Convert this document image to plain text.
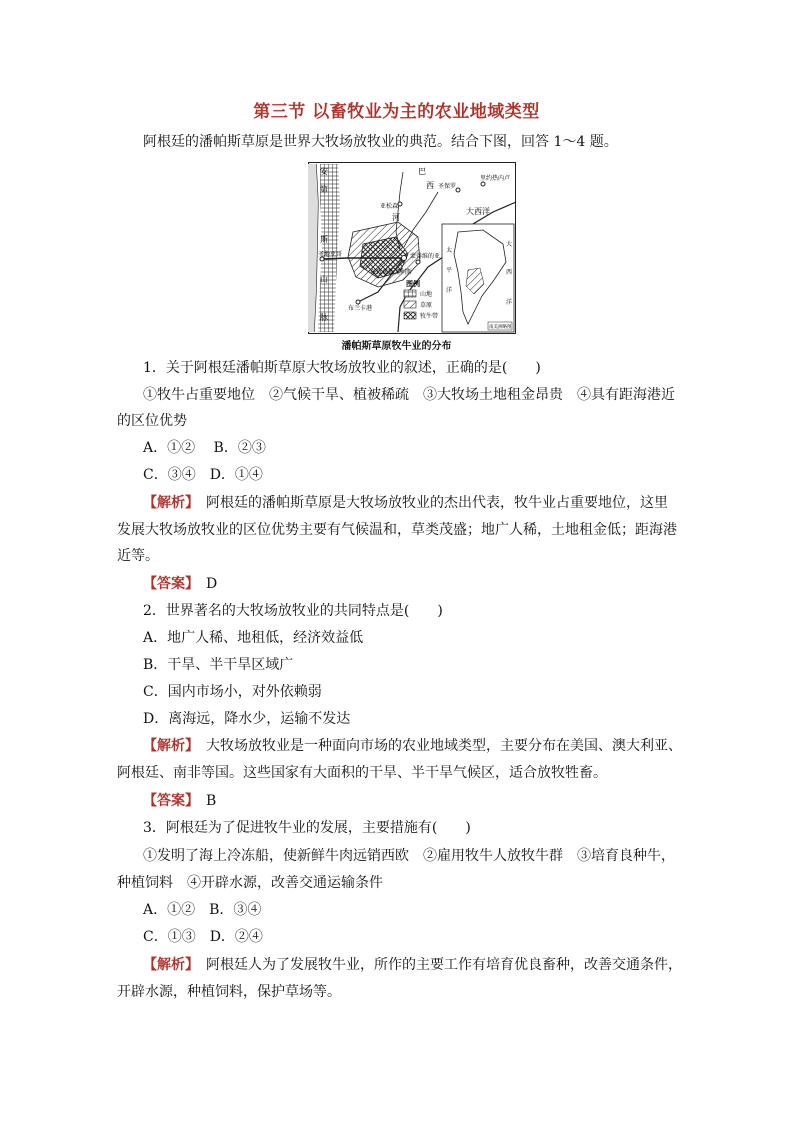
第三节 以畜牧业为主的农业地域类型
阿根廷的潘帕斯草原是世界大牧场放牧业的典范。结合下图，回答 1～4 题。
安
第
斯
山
脉
巴
西
河
圣保罗
亚松森
里约热内卢
大西洋
圣地亚哥
布宜诺斯艾利斯
蒙得维的亚
布兰卡港
图例
山地
草原
牧牛带
太
平
洋
大
西
洋
南美洲略图
潘帕斯草原牧牛业的分布
1．关于阿根廷潘帕斯草原大牧场放牧业的叙述，正确的是(　　)
①牧牛占重要地位　②气候干旱、植被稀疏　③大牧场土地租金昂贵　④具有距海港近
的区位优势
A．①②　 B．②③
C．③④　D．①④
【解析】　阿根廷的潘帕斯草原是大牧场放牧业的杰出代表，牧牛业占重要地位，这里
发展大牧场放牧业的区位优势主要有气候温和，草类茂盛；地广人稀，土地租金低；距海港
近等。
【答案】　D
2．世界著名的大牧场放牧业的共同特点是(　　)
A．地广人稀、地租低，经济效益低
B．干旱、半干旱区域广
C．国内市场小，对外依赖弱
D．离海远，降水少，运输不发达
【解析】　大牧场放牧业是一种面向市场的农业地域类型，主要分布在美国、澳大利亚、
阿根廷、南非等国。这些国家有大面积的干旱、半干旱气候区，适合放牧牲畜。
【答案】　B
3．阿根廷为了促进牧牛业的发展，主要措施有(　　)
①发明了海上冷冻船，使新鲜牛肉远销西欧　②雇用牧牛人放牧牛群　③培育良种牛，
种植饲料　④开辟水源，改善交通运输条件
A．①②　B．③④
C．①③　D．②④
【解析】　阿根廷人为了发展牧牛业，所作的主要工作有培育优良畜种，改善交通条件，
开辟水源，种植饲料，保护草场等。
